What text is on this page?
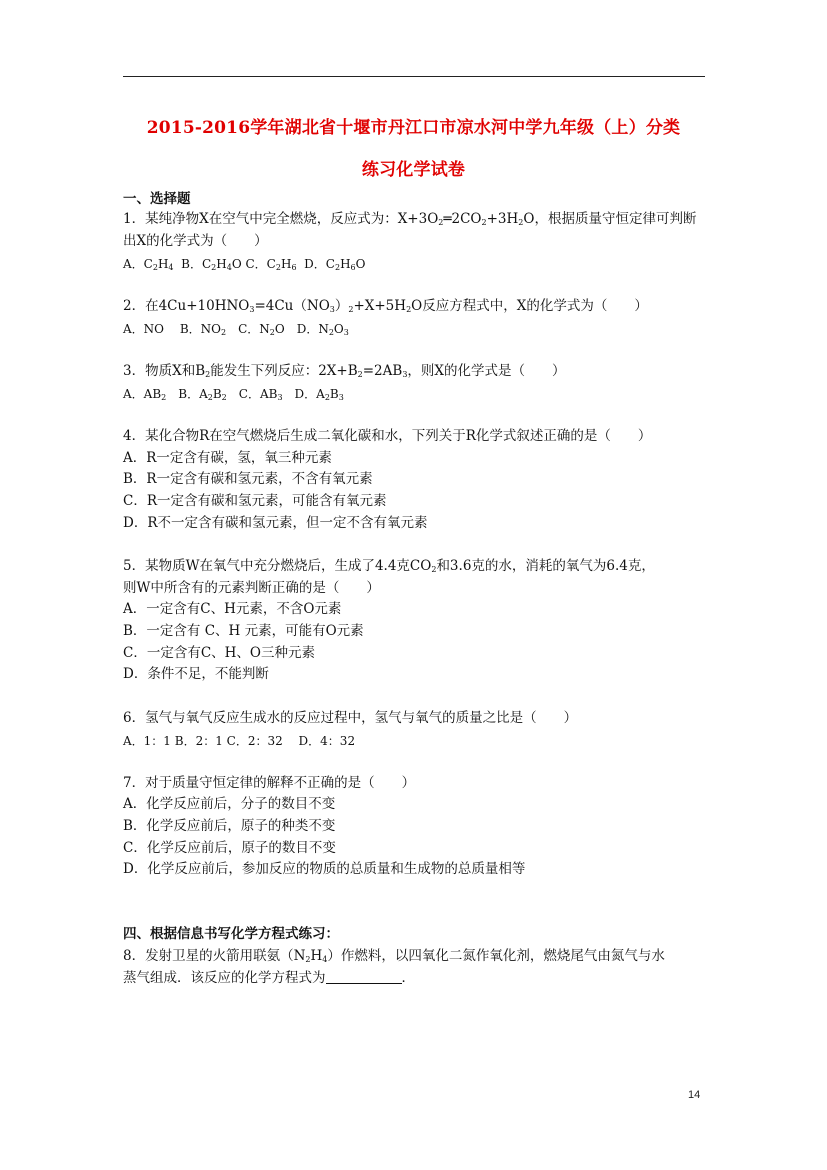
2015-2016学年湖北省十堰市丹江口市凉水河中学九年级（上）分类
练习化学试卷
一、选择题
1．某纯净物X在空气中完全燃烧，反应式为：$X+3O_2═2CO_2+3H_2O$，根据质量守恒定律可判断
出X的化学式为（　　）
A．$C_2H_4$ B．$C_2H_4O$ C．$C_2H_6$ D．$C_2H_6O$
2．在$4Cu+10HNO_3=4Cu(NO_3)_2+X+5H_2O$反应方程式中，X的化学式为（　　）
A．NO　 B．$NO_2$　C．$N_2O$　D．$N_2O_3$
3．物质X和$B_2$能发生下列反应：$2X+B_2=2AB_3$，则X的化学式是（　　）
A．$AB_2$　B．$A_2B_2$　C．$AB_3$　D．$A_2B_3$
4．某化合物R在空气燃烧后生成二氧化碳和水，下列关于R化学式叙述正确的是（　　）
A．R一定含有碳，氢，氧三种元素
B．R一定含有碳和氢元素，不含有氧元素
C．R一定含有碳和氢元素，可能含有氧元素
D．R不一定含有碳和氢元素，但一定不含有氧元素
5．某物质W在氧气中充分燃烧后，生成了4.4克$CO_2$和3.6克的水，消耗的氧气为6.4克，
则W中所含有的元素判断正确的是（　　）
A．一定含有C、H元素，不含O元素
B．一定含有 C、H 元素，可能有O元素
C．一定含有C、H、O三种元素
D．条件不足，不能判断
6．氢气与氧气反应生成水的反应过程中，氢气与氧气的质量之比是（　　）
A．1：1 B．2：1 C．2：32　 D．4：32
7．对于质量守恒定律的解释不正确的是（　　）
A．化学反应前后，分子的数目不变
B．化学反应前后，原子的种类不变
C．化学反应前后，原子的数目不变
D．化学反应前后，参加反应的物质的总质量和生成物的总质量相等
四、根据信息书写化学方程式练习：
8．发射卫星的火箭用联氨$(N_2H_4)$作燃料，以四氧化二氮作氧化剂，燃烧尾气由氮气与水
蒸气组成．该反应的化学方程式为	．
14
